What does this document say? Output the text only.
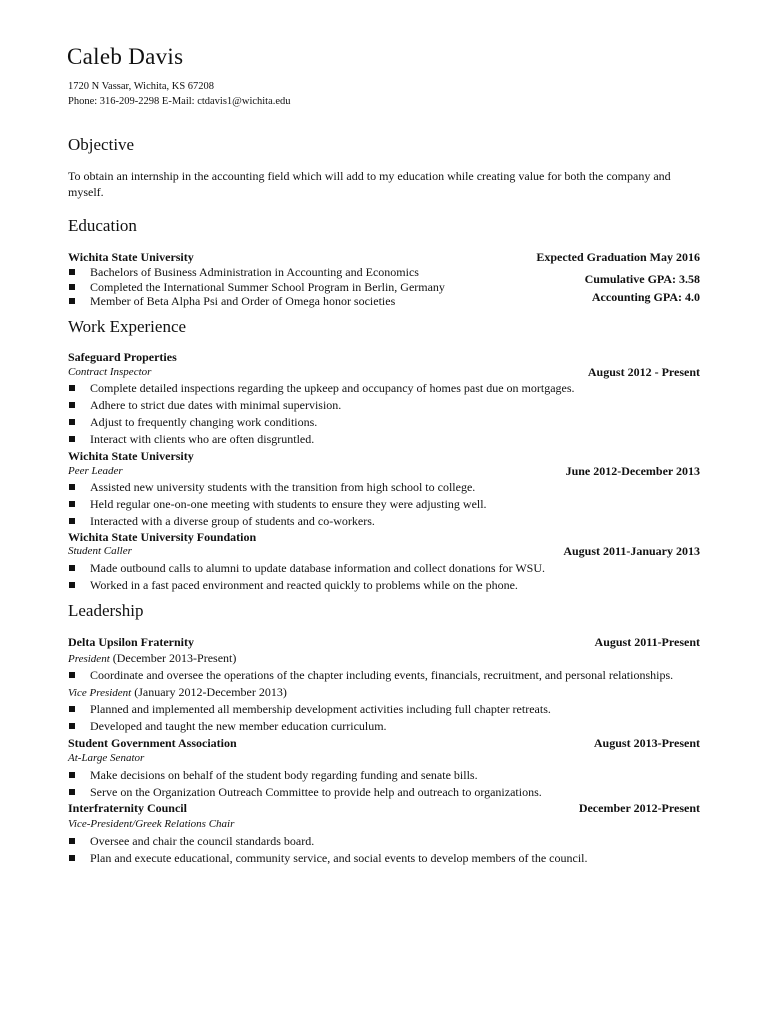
Caleb Davis
1720 N Vassar, Wichita, KS 67208
Phone: 316-209-2298 E-Mail: ctdavis1@wichita.edu
Objective
To obtain an internship in the accounting field which will add to my education while creating value for both the company and myself.
Education
Wichita State University	Expected Graduation May 2016
Cumulative GPA: 3.58
Accounting GPA: 4.0
Bachelors of Business Administration in Accounting and Economics
Completed the International Summer School Program in Berlin, Germany
Member of Beta Alpha Psi and Order of Omega honor societies
Work Experience
Safeguard Properties
Contract Inspector	August 2012 - Present
Complete detailed inspections regarding the upkeep and occupancy of homes past due on mortgages.
Adhere to strict due dates with minimal supervision.
Adjust to frequently changing work conditions.
Interact with clients who are often disgruntled.
Wichita State University
Peer Leader	June 2012-December 2013
Assisted new university students with the transition from high school to college.
Held regular one-on-one meeting with students to ensure they were adjusting well.
Interacted with a diverse group of students and co-workers.
Wichita State University Foundation
Student Caller	August 2011-January 2013
Made outbound calls to alumni to update database information and collect donations for WSU.
Worked in a fast paced environment and reacted quickly to problems while on the phone.
Leadership
Delta Upsilon Fraternity	August 2011-Present
President (December 2013-Present)
Coordinate and oversee the operations of the chapter including events, financials, recruitment, and personal relationships.
Vice President (January 2012-December 2013)
Planned and implemented all membership development activities including full chapter retreats.
Developed and taught the new member education curriculum.
Student Government Association	August 2013-Present
At-Large Senator
Make decisions on behalf of the student body regarding funding and senate bills.
Serve on the Organization Outreach Committee to provide help and outreach to organizations.
Interfraternity Council	December 2012-Present
Vice-President/Greek Relations Chair
Oversee and chair the council standards board.
Plan and execute educational, community service, and social events to develop members of the council.
